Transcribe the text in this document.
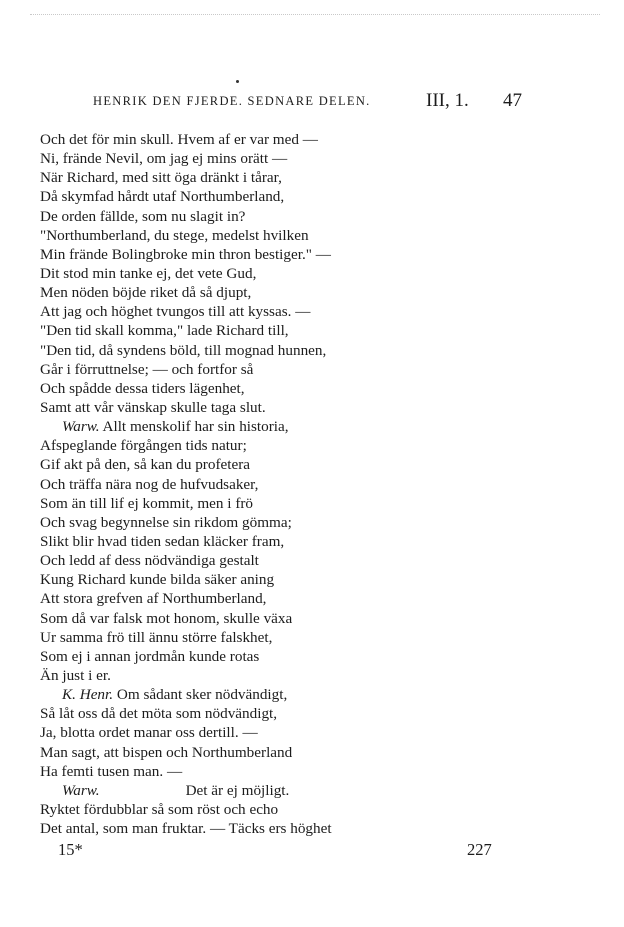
HENRIK DEN FJERDE. SEDNARE DELEN.	III, 1. 47
Och det för min skull. Hvem af er var med —
Ni, frände Nevil, om jag ej mins orätt —
När Richard, med sitt öga dränkt i tårar,
Då skymfad hårdt utaf Northumberland,
De orden fällde, som nu slagit in?
"Northumberland, du stege, medelst hvilken
Min frände Bolingbroke min thron bestiger." —
Dit stod min tanke ej, det vete Gud,
Men nöden böjde riket då så djupt,
Att jag och höghet tvungos till att kyssas. —
"Den tid skall komma," lade Richard till,
"Den tid, då syndens böld, till mognad hunnen,
Går i förruttnelse; — och fortfor så
Och spådde dessa tiders lägenhet,
Samt att vår vänskap skulle taga slut.
Warw. Allt menskolif har sin historia,
Afspeglande förgången tids natur;
Gif akt på den, så kan du profetera
Och träffa nära nog de hufvudsaker,
Som än till lif ej kommit, men i frö
Och svag begynnelse sin rikdom gömma;
Slikt blir hvad tiden sedan kläcker fram,
Och ledd af dess nödvändiga gestalt
Kung Richard kunde bilda säker aning
Att stora grefven af Northumberland,
Som då var falsk mot honom, skulle växa
Ur samma frö till ännu större falskhet,
Som ej i annan jordmån kunde rotas
Än just i er.
K. Henr. Om sådant sker nödvändigt,
Så låt oss då det möta som nödvändigt,
Ja, blotta ordet manar oss dertill. —
Man sagt, att bispen och Northumberland
Ha femti tusen man. —
Warw.	Det är ej möjligt.
Ryktet fördubblar så som röst och echo
Det antal, som man fruktar. — Täcks ers höghet
15*	227
